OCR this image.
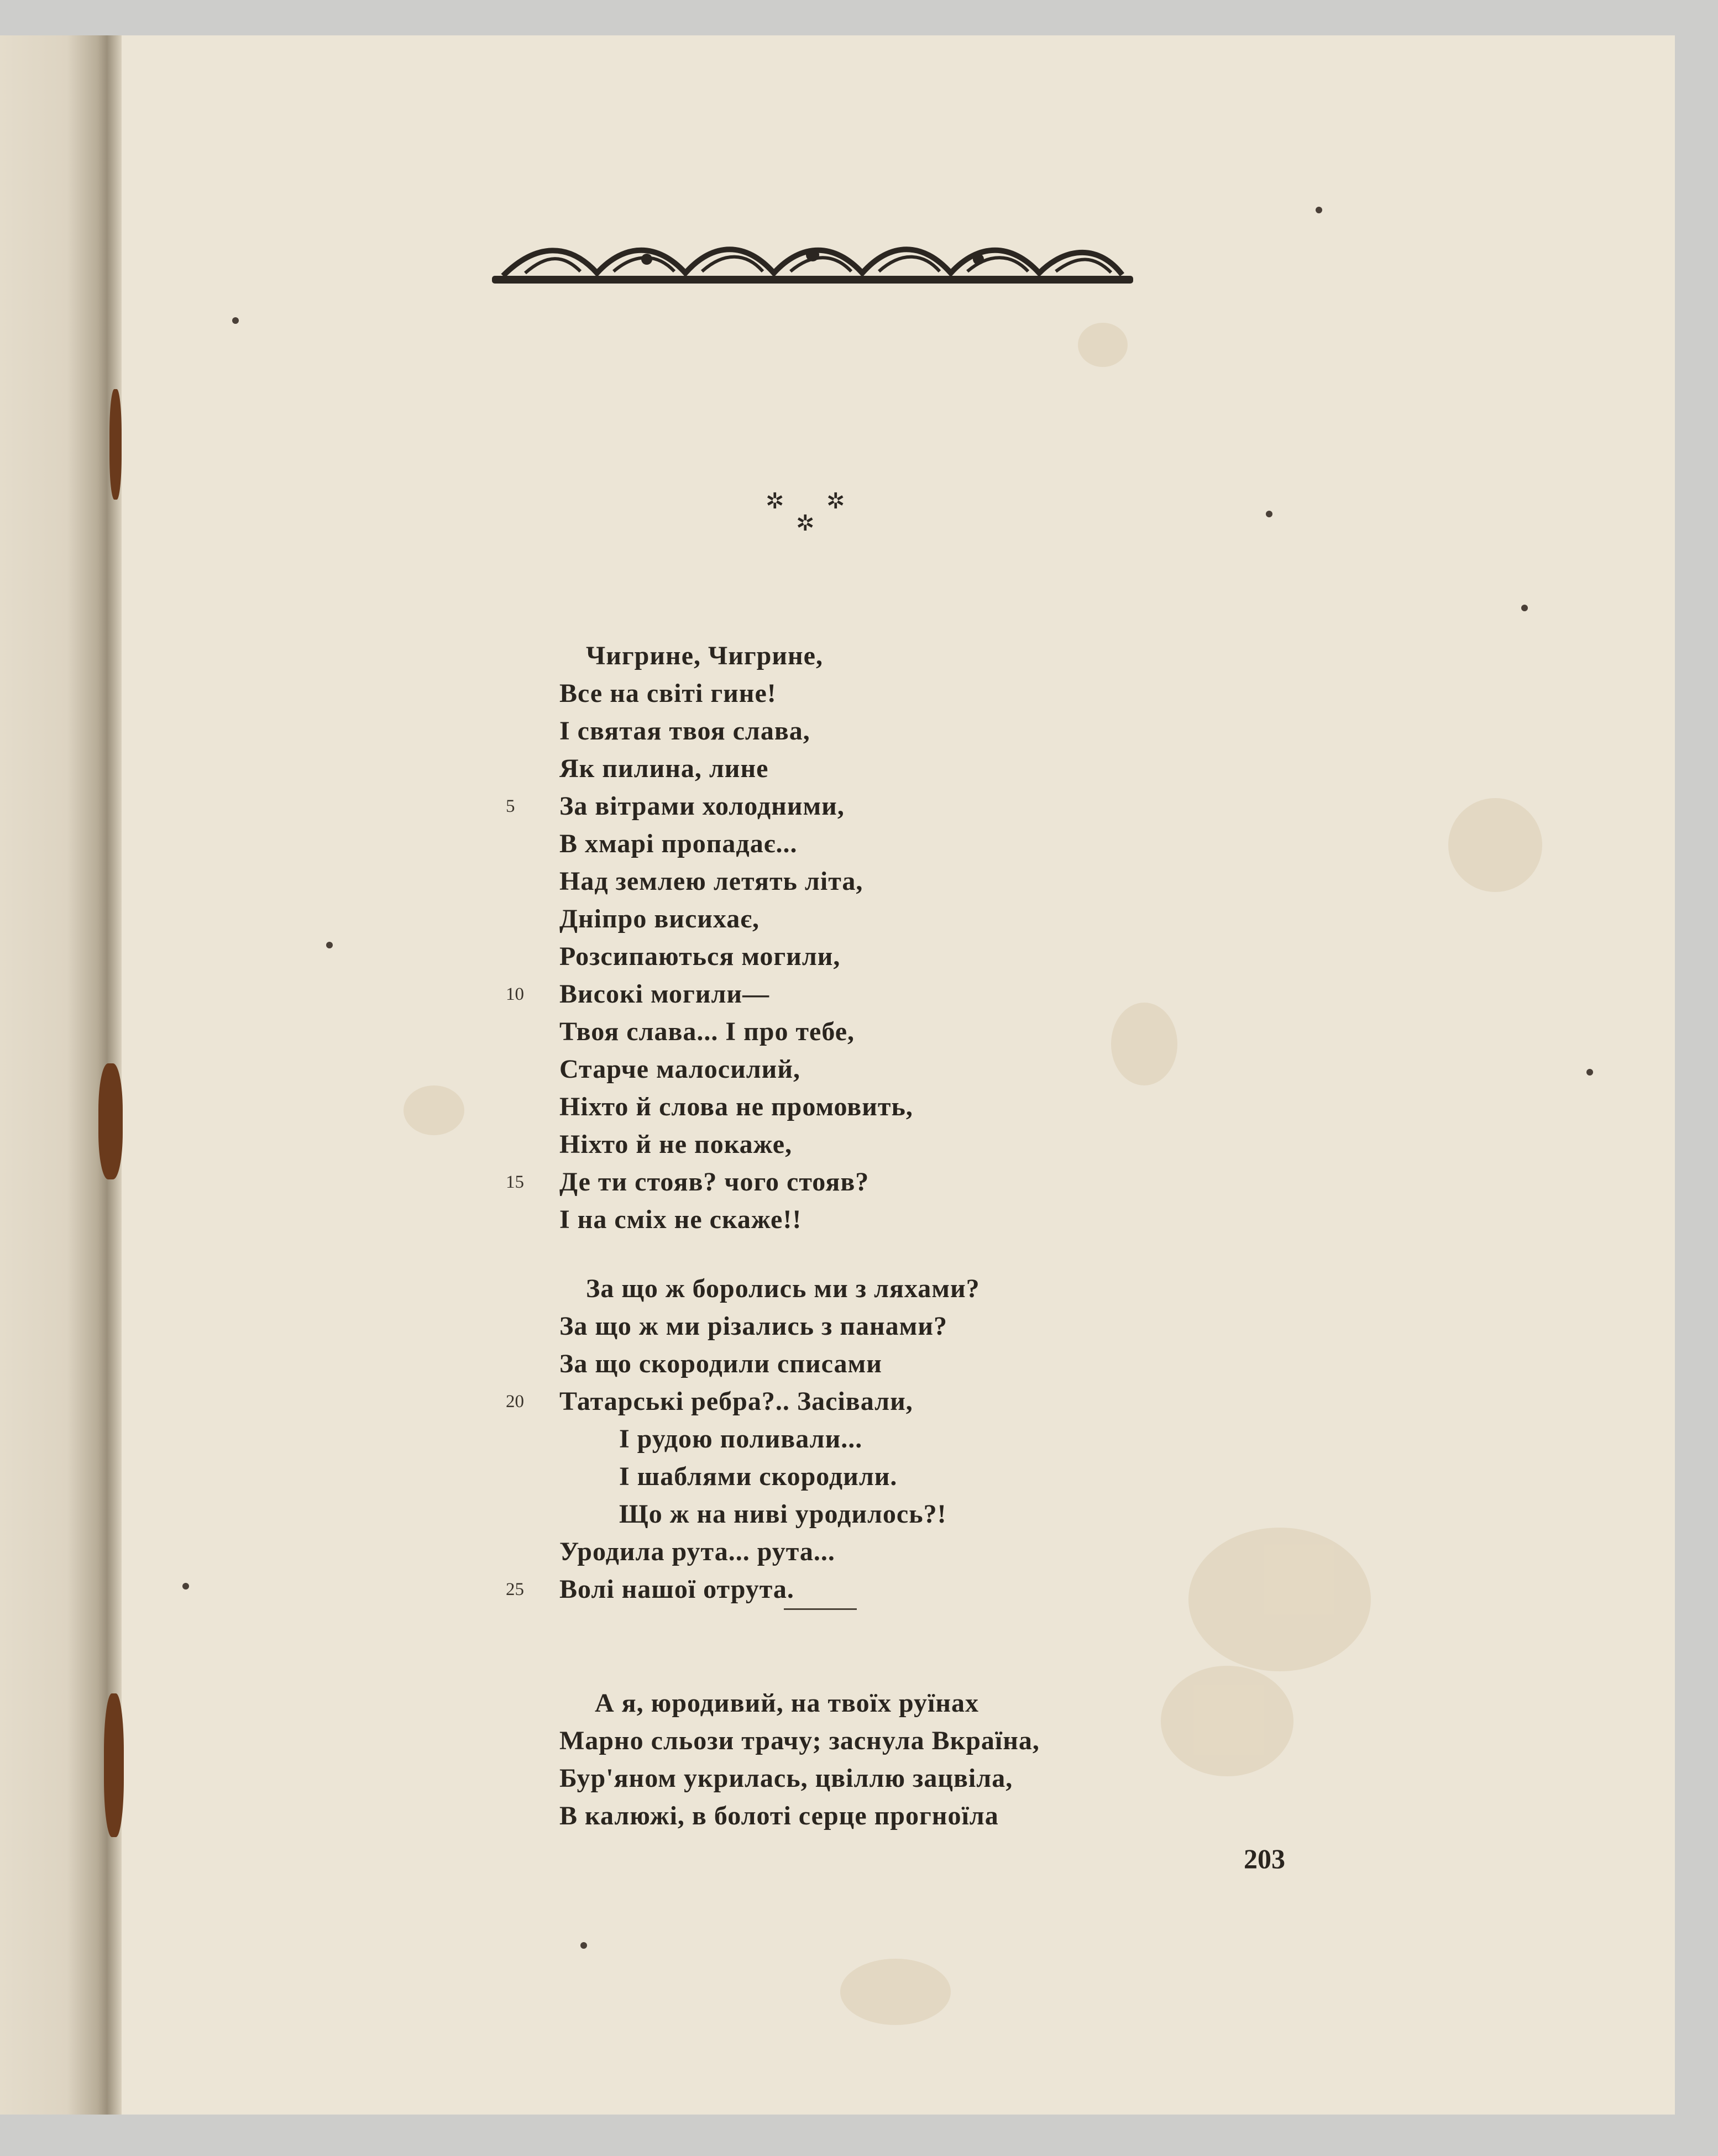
✲ ✲
✲
Чигрине, Чигрине,
Все на світі гине!
І святая твоя слава,
Як пилина, лине
За вітрами холодними,
5
В хмарі пропадає...
Над землею летять літа,
Дніпро висихає,
Розсипаються могили,
Високі могили—
10
Твоя слава... І про тебе,
Старче малосилий,
Ніхто й слова не промовить,
Ніхто й не покаже,
Де ти стояв? чого стояв?
15
І на сміх не скаже!!
За що ж боролись ми з ляхами?
За що ж ми різались з панами?
За що скородили списами
Татарські ребра?.. Засівали,
20
І рудою поливали...
І шаблями скородили.
Що ж на ниві уродилось?!
Уродила рута... рута...
Волі нашої отрута.
25
А я, юродивий, на твоїх руїнах
Марно сльози трачу; заснула Вкраїна,
Бур'яном укрилась, цвіллю зацвіла,
В калюжі, в болоті серце прогноїла
203
